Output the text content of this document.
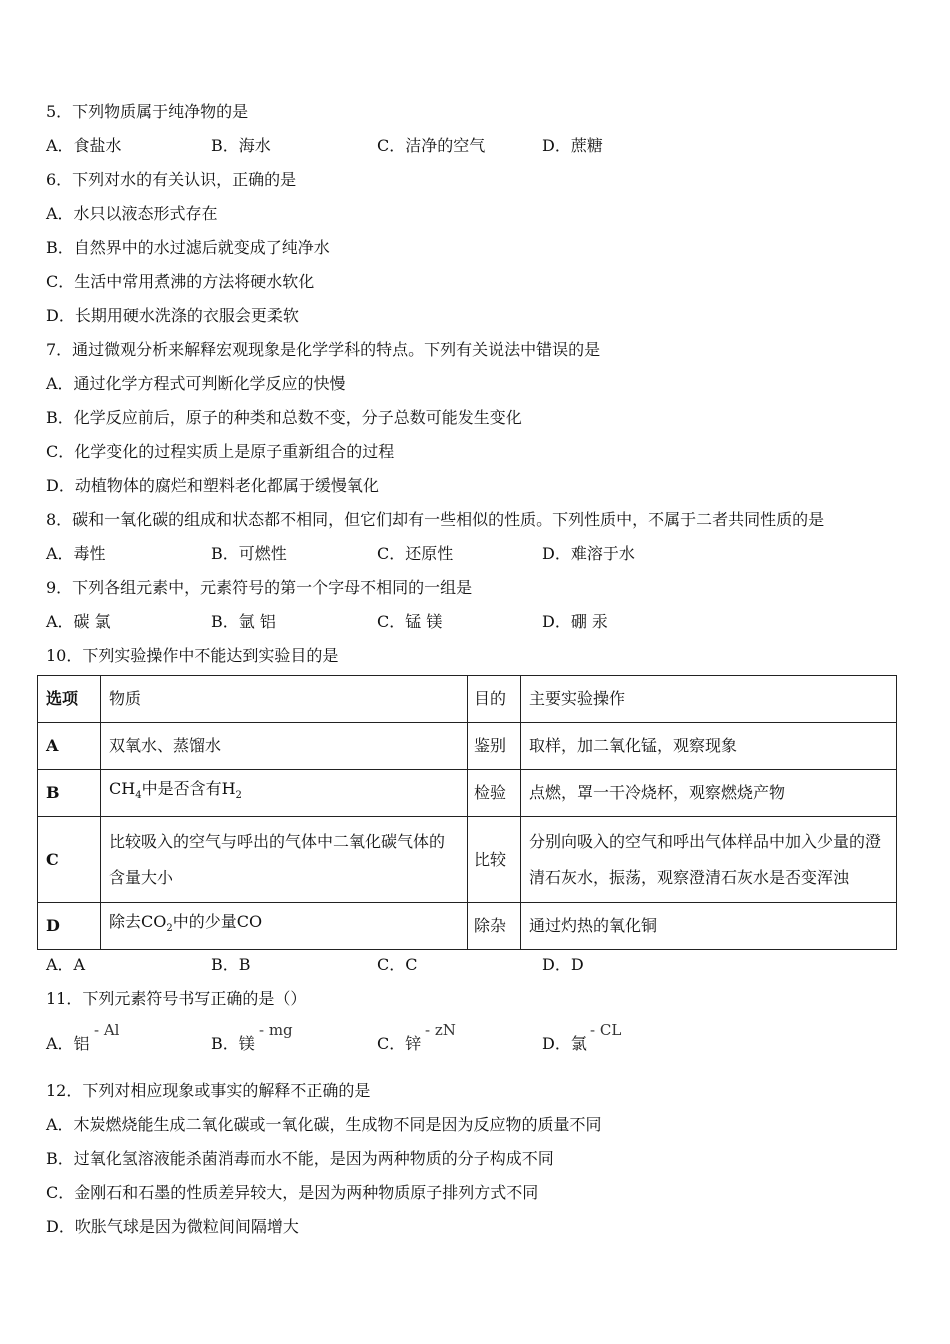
5．下列物质属于纯净物的是
A．食盐水	B．海水	C．洁净的空气	D．蔗糖
6．下列对水的有关认识，正确的是
A．水只以液态形式存在
B．自然界中的水过滤后就变成了纯净水
C．生活中常用煮沸的方法将硬水软化
D．长期用硬水洗涤的衣服会更柔软
7．通过微观分析来解释宏观现象是化学学科的特点。下列有关说法中错误的是
A．通过化学方程式可判断化学反应的快慢
B．化学反应前后，原子的种类和总数不变，分子总数可能发生变化
C．化学变化的过程实质上是原子重新组合的过程
D．动植物体的腐烂和塑料老化都属于缓慢氧化
8．碳和一氧化碳的组成和状态都不相同，但它们却有一些相似的性质。下列性质中，不属于二者共同性质的是
A．毒性	B．可燃性	C．还原性	D．难溶于水
9．下列各组元素中，元素符号的第一个字母不相同的一组是
A．碳 氯	B．氩 铝	C．锰 镁	D．硼 汞
10．下列实验操作中不能达到实验目的是
选项	物质	目的	主要实验操作
A	双氧水、蒸馏水	鉴别	取样，加二氧化锰，观察现象
B	$CH_4$中是否含有$H_2$	检验	点燃，罩一干冷烧杯，观察燃烧产物
C	比较吸入的空气与呼出的气体中二氧化碳气体的含量大小	比较	分别向吸入的空气和呼出气体样品中加入少量的澄清石灰水，振荡，观察澄清石灰水是否变浑浊
D	除去$CO_2$中的少量CO	除杂	通过灼热的氧化铜
A．A	B．B	C．C	D．D
11．下列元素符号书写正确的是（）
A．铝
- Al
B．镁
- mg
C．锌
- zN
D．氯
- CL
12．下列对相应现象或事实的解释不正确的是
A．木炭燃烧能生成二氧化碳或一氧化碳，生成物不同是因为反应物的质量不同
B．过氧化氢溶液能杀菌消毒而水不能，是因为两种物质的分子构成不同
C．金刚石和石墨的性质差异较大，是因为两种物质原子排列方式不同
D．吹胀气球是因为微粒间间隔增大
